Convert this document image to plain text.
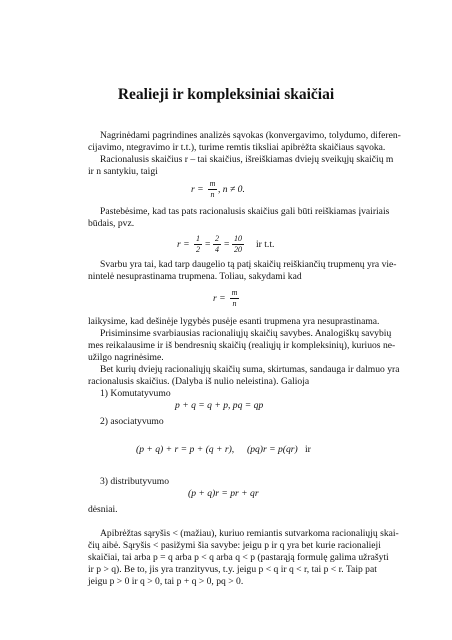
Realieji ir kompleksiniai skaičiai

Nagrinėdami pagrindines analizės sąvokas (konvergavimo, tolydumo, diferen-

cijavimo, ntegravimo ir t.t.), turime remtis tiksliai apibrėžta skaičiaus sąvoka.

Racionalusis skaičius r – tai skaičius, išreiškiamas dviejų sveikųjų skaičių m

ir n santykiu, taigi

r =
m
n , n ≠ 0.

Pastebėsime, kad tas pats racionalusis skaičius gali būti reiškiamas įvairiais

būdais, pvz.

r =
1
2 =
2
4 =
10
20 ir t.t.

Svarbu yra tai, kad tarp daugelio tą patį skaičių reiškiančių trupmenų yra vie-

nintelė nesuprastinama trupmena. Toliau, sakydami kad

r =
m
n

laikysime, kad dešinėje lygybės pusėje esanti trupmena yra nesuprastinama.

Prisiminsime svarbiausias racionaliųjų skaičių savybes. Analogiškų savybių

mes reikalausime ir iš bendresnių skaičių (realiųjų ir kompleksinių), kuriuos ne-

užilgo nagrinėsime.

Bet kurių dviejų racionaliųjų skaičių suma, skirtumas, sandauga ir dalmuo yra

racionalusis skaičius. (Dalyba iš nulio neleistina). Galioja

1) Komutatyvumo

p + q = q + p, pq = qp

2) asociatyvumo

(p + q) + r = p + (q + r), (pq)r = p(qr) ir

3) distributyvumo

(p + q)r = pr + qr

dėsniai.

Apibrėžtas sąryšis < (mažiau), kuriuo remiantis sutvarkoma racionaliųjų skai-

čių aibė. Sąryšis < pasižymi šia savybe: jeigu p ir q yra bet kurie racionalieji

skaičiai, tai arba p = q arba p < q arba q < p (pastarąją formulę galima užrašyti

ir p > q). Be to, jis yra tranzityvus, t.y. jeigu p < q ir q < r, tai p < r. Taip pat

jeigu p > 0 ir q > 0, tai p + q > 0, pq > 0.
